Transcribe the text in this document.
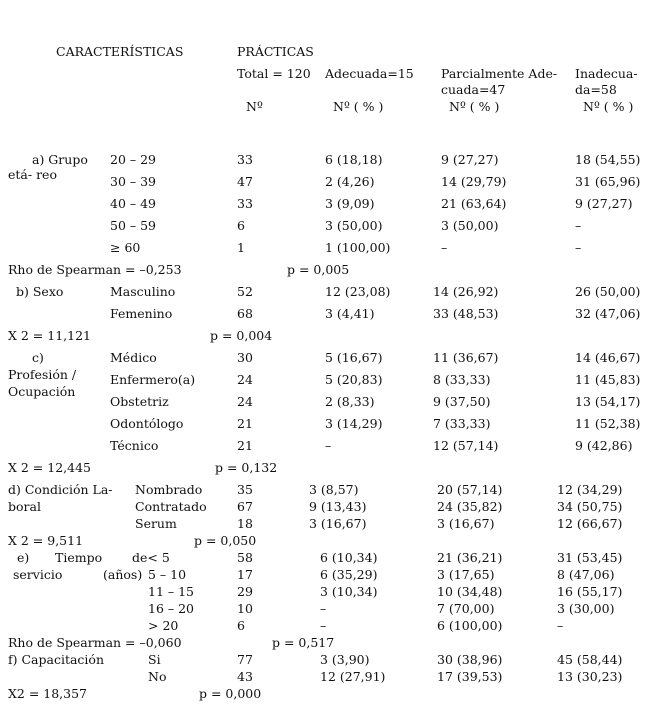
CARACTERÍSTICAS	PRÁCTICAS
Total = 120 Adecuada=15 Parcialmente Ade-
cuada=47
Inadecua-
da=58
Nº	Nº ( % )	Nº ( % )	Nº ( % )
a) Grupo
etá- reo
20 – 29	33	6 (18,18)	9 (27,27)	18 (54,55)
30 – 39	47	2 (4,26)	14 (29,79)	31 (65,96)
40 – 49	33	3 (9,09)	21 (63,64)	9 (27,27)
50 – 59	6	3 (50,00)	3 (50,00)	–
≥ 60	1	1 (100,00)	–	–
Rho de Spearman = –0,253	p = 0,005
b) Sexo	Masculino	52	12 (23,08)	14 (26,92)	26 (50,00)
Femenino	68	3 (4,41)	33 (48,53)	32 (47,06)
X 2 = 11,121	p = 0,004
c)
Profesión /
Ocupación
Médico	30	5 (16,67)	11 (36,67)	14 (46,67)
Enfermero(a)	24	5 (20,83)	8 (33,33)	11 (45,83)
Obstetriz	24	2 (8,33)	9 (37,50)	13 (54,17)
Odontólogo	21	3 (14,29)	7 (33,33)	11 (52,38)
Técnico	21	–	12 (57,14)	9 (42,86)
X 2 = 12,445	p = 0,132
d) Condición La-
boral
Nombrado	35	3 (8,57)	20 (57,14)	12 (34,29)
Contratado 67	9 (13,43)	24 (35,82)	34 (50,75)
Serum	18	3 (16,67)	3 (16,67)	12 (66,67)
X 2 = 9,511	p = 0,050
e) Tiempo
servicio	(años)
de< 5	58	6 (10,34)	21 (36,21)	31 (53,45)
5 – 10	17	6 (35,29)	3 (17,65)	8 (47,06)
11 – 15	29	3 (10,34)	10 (34,48)	16 (55,17)
16 – 20	10	–	7 (70,00)	3 (30,00)
> 20	6	–	6 (100,00)	–
Rho de Spearman = –0,060	p = 0,517
f) Capacitación	Si	77	3 (3,90)	30 (38,96)	45 (58,44)
No	43	12 (27,91)	17 (39,53)	13 (30,23)
X2 = 18,357	p = 0,000
